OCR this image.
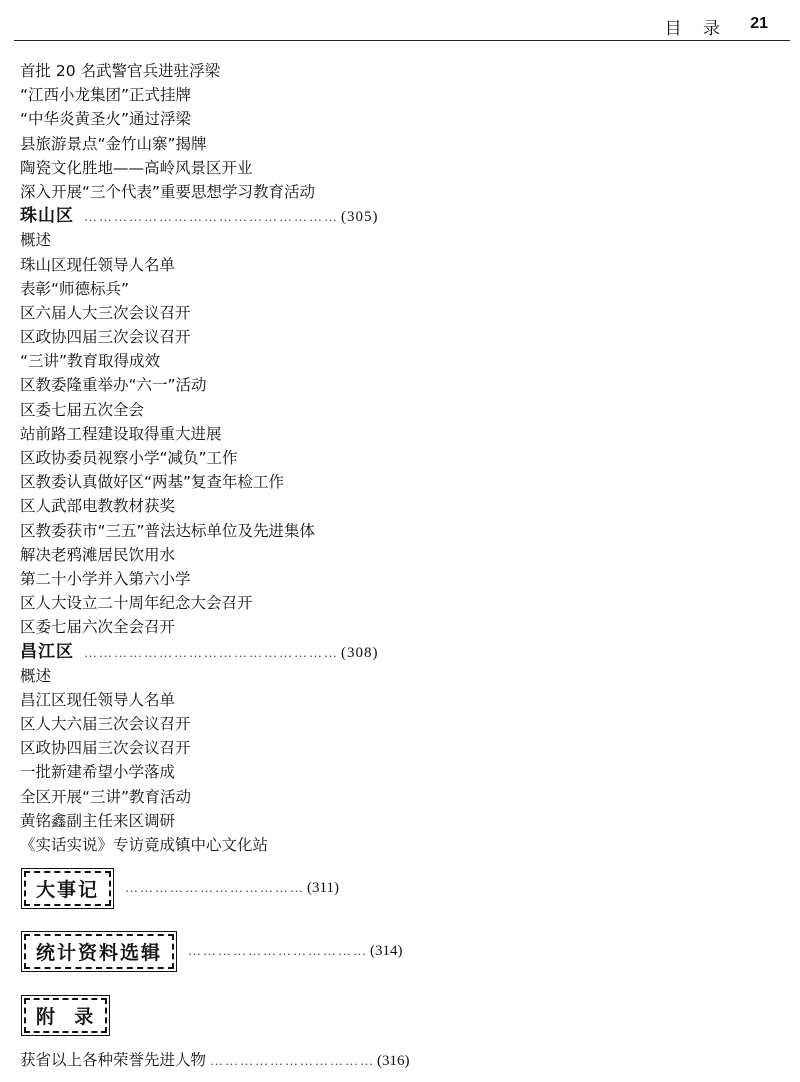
目 录 21
首批 20 名武警官兵进驻浮梁
“江西小龙集团”正式挂牌
“中华炎黄圣火”通过浮梁
县旅游景点“金竹山寨”揭牌
陶瓷文化胜地——高岭风景区开业
深入开展“三个代表”重要思想学习教育活动
珠山区 …………………………………………… (305)
概述
珠山区现任领导人名单
表彰“师德标兵”
区六届人大三次会议召开
区政协四届三次会议召开
“三讲”教育取得成效
区教委隆重举办“六一”活动
区委七届五次全会
站前路工程建设取得重大进展
区政协委员视察小学“减负”工作
区教委认真做好区“两基”复查年检工作
区人武部电教教材获奖
区教委获市“三五”普法达标单位及先进集体
解决老鸦滩居民饮用水
第二十小学并入第六小学
区人大设立二十周年纪念大会召开
区委七届六次全会召开
昌江区 …………………………………………… (308)
概述
昌江区现任领导人名单
区人大六届三次会议召开
区政协四届三次会议召开
一批新建希望小学落成
全区开展“三讲”教育活动
黄铭鑫副主任来区调研
《实话实说》专访竟成镇中心文化站
大事记	……………………………… (311)
统计资料选辑	……………………………… (314)
附  录
获省以上各种荣誉先进人物 …………………………… (316)
